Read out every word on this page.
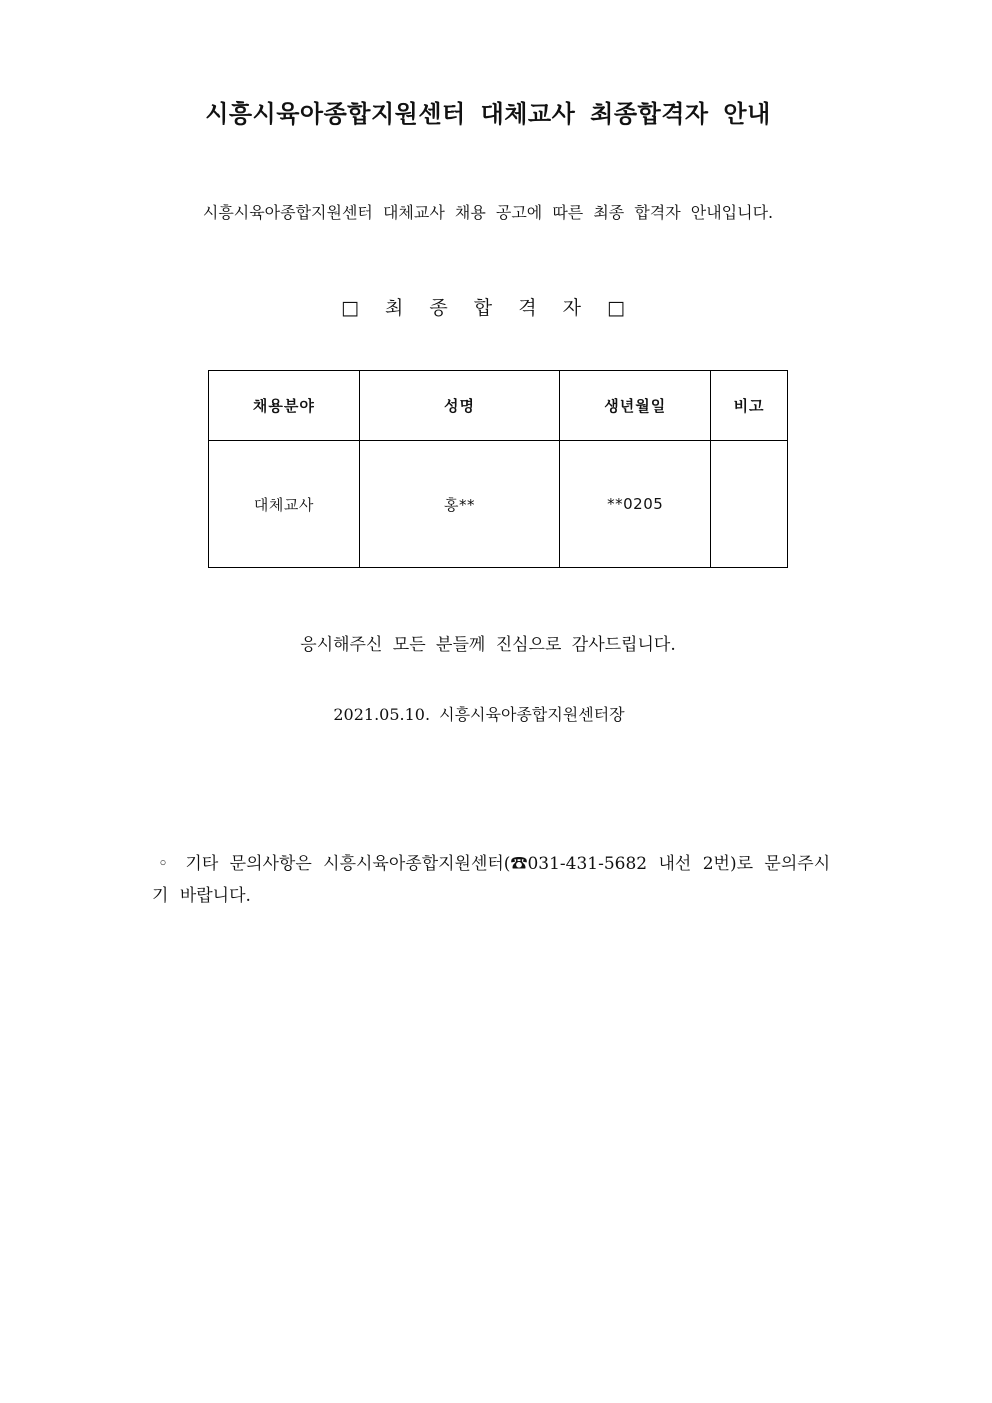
시흥시육아종합지원센터 대체교사 최종합격자 안내
시흥시육아종합지원센터 대체교사 채용 공고에 따른 최종 합격자 안내입니다.
□ 최 종 합 격 자 □
채용분야	성명	생년월일	비고
대체교사	홍**	**0205	
응시해주신 모든 분들께 진심으로 감사드립니다.
2021.05.10. 시흥시육아종합지원센터장
◦ 기타 문의사항은 시흥시육아종합지원센터(☎031-431-5682 내선 2번)로 문의주시기 바랍니다.
